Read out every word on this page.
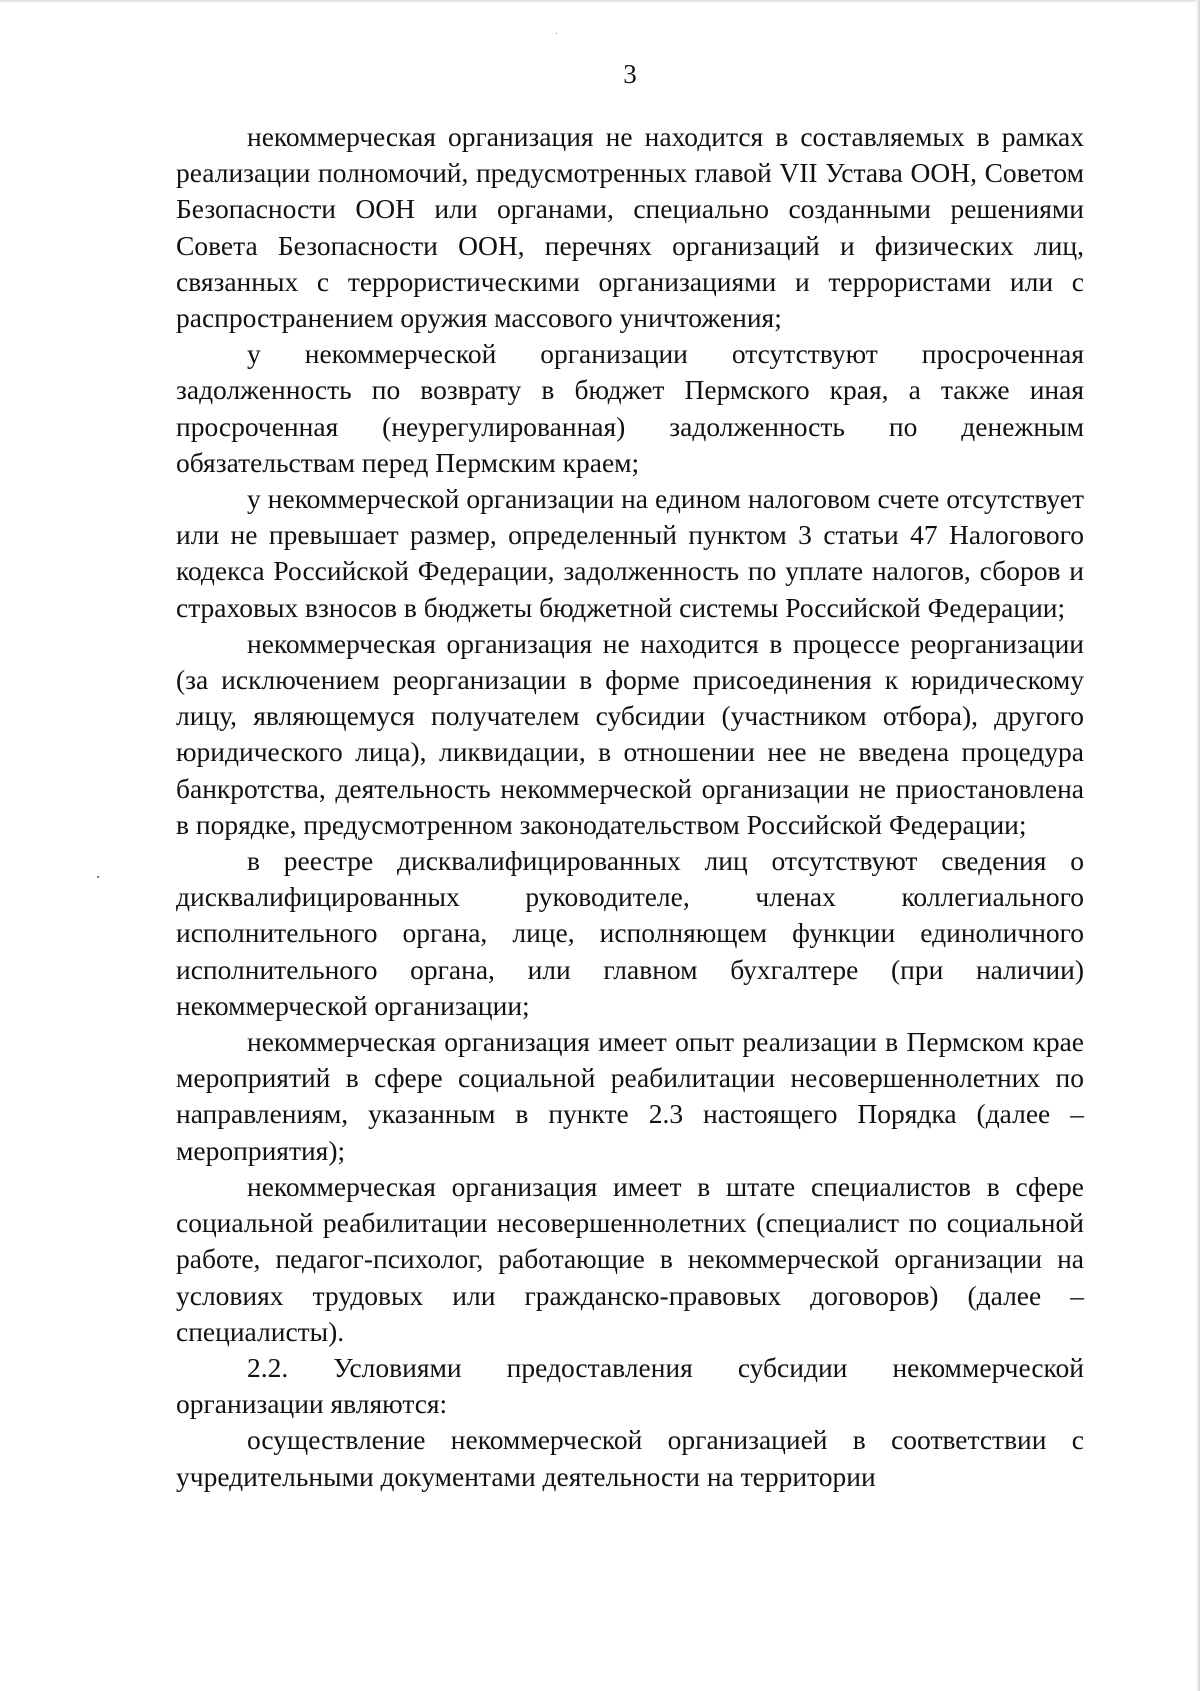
3

некоммерческая организация не находится в составляемых в рамках реализации полномочий, предусмотренных главой VII Устава ООН, Советом Безопасности ООН или органами, специально созданными решениями Совета Безопасности ООН, перечнях организаций и физических лиц, связанных с террористическими организациями и террористами или с распространением оружия массового уничтожения;

у некоммерческой организации отсутствуют просроченная задолженность по возврату в бюджет Пермского края, а также иная просроченная (неурегулированная) задолженность по денежным обязательствам перед Пермским краем;

у некоммерческой организации на едином налоговом счете отсутствует или не превышает размер, определенный пунктом 3 статьи 47 Налогового кодекса Российской Федерации, задолженность по уплате налогов, сборов и страховых взносов в бюджеты бюджетной системы Российской Федерации;

некоммерческая организация не находится в процессе реорганизации (за исключением реорганизации в форме присоединения к юридическому лицу, являющемуся получателем субсидии (участником отбора), другого юридического лица), ликвидации, в отношении нее не введена процедура банкротства, деятельность некоммерческой организации не приостановлена в порядке, предусмотренном законодательством Российской Федерации;

в реестре дисквалифицированных лиц отсутствуют сведения о дисквалифицированных руководителе, членах коллегиального исполнительного органа, лице, исполняющем функции единоличного исполнительного органа, или главном бухгалтере (при наличии) некоммерческой организации;

некоммерческая организация имеет опыт реализации в Пермском крае мероприятий в сфере социальной реабилитации несовершеннолетних по направлениям, указанным в пункте 2.3 настоящего Порядка (далее – мероприятия);

некоммерческая организация имеет в штате специалистов в сфере социальной реабилитации несовершеннолетних (специалист по социальной работе, педагог-психолог, работающие в некоммерческой организации на условиях трудовых или гражданско-правовых договоров) (далее – специалисты).

2.2. Условиями предоставления субсидии некоммерческой организации являются:

осуществление некоммерческой организацией в соответствии с учредительными документами деятельности на территории
